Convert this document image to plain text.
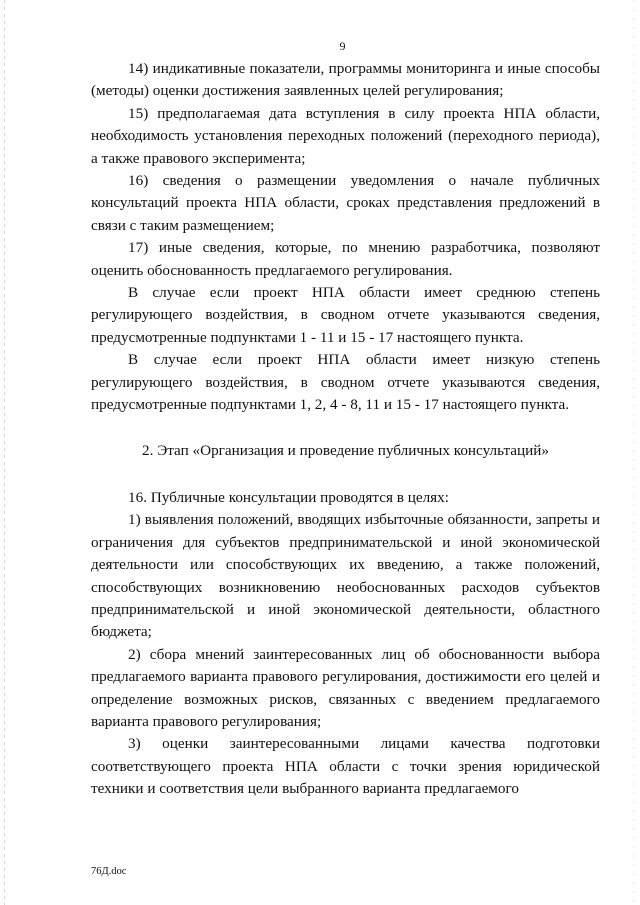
9

14) индикативные показатели, программы мониторинга и иные способы (методы) оценки достижения заявленных целей регулирования;

15) предполагаемая дата вступления в силу проекта НПА области, необходимость установления переходных положений (переходного периода), а также правового эксперимента;

16) сведения о размещении уведомления о начале публичных консультаций проекта НПА области, сроках представления предложений в связи с таким размещением;

17) иные сведения, которые, по мнению разработчика, позволяют оценить обоснованность предлагаемого регулирования.

В случае если проект НПА области имеет среднюю степень регулирующего воздействия, в сводном отчете указываются сведения, предусмотренные подпунктами 1 - 11 и 15 - 17 настоящего пункта.

В случае если проект НПА области имеет низкую степень регулирующего воздействия, в сводном отчете указываются сведения, предусмотренные подпунктами 1, 2, 4 - 8, 11 и 15 - 17 настоящего пункта.

2. Этап «Организация и проведение публичных консультаций»

16. Публичные консультации проводятся в целях:

1) выявления положений, вводящих избыточные обязанности, запреты и ограничения для субъектов предпринимательской и иной экономической деятельности или способствующих их введению, а также положений, способствующих возникновению необоснованных расходов субъектов предпринимательской и иной экономической деятельности, областного бюджета;

2) сбора мнений заинтересованных лиц об обоснованности выбора предлагаемого варианта правового регулирования, достижимости его целей и определение возможных рисков, связанных с введением предлагаемого варианта правового регулирования;

3) оценки заинтересованными лицами качества подготовки соответствующего проекта НПА области с точки зрения юридической техники и соответствия цели выбранного варианта предлагаемого

76Д.doc
